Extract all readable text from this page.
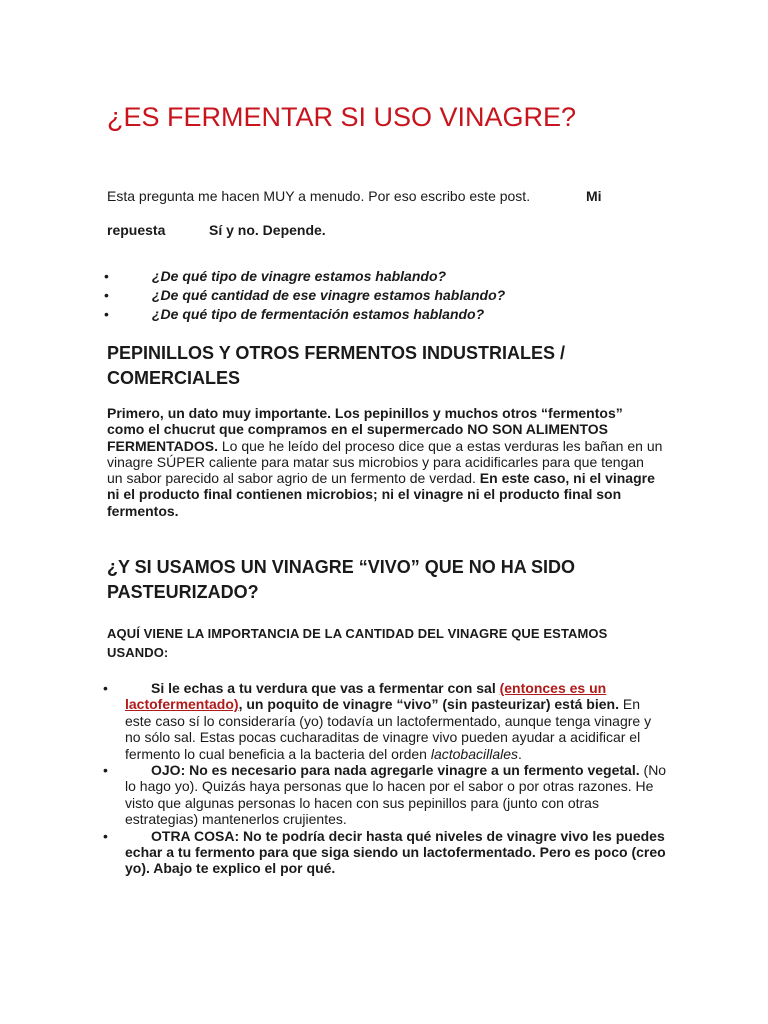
¿ES FERMENTAR SI USO VINAGRE?
Esta pregunta me hacen MUY a menudo. Por eso escribo este post.	Mi
repuesta	Sí y no. Depende.
•	¿De qué tipo de vinagre estamos hablando?
•	¿De qué cantidad de ese vinagre estamos hablando?
•	¿De qué tipo de fermentación estamos hablando?
PEPINILLOS Y OTROS FERMENTOS INDUSTRIALES / COMERCIALES
Primero, un dato muy importante. Los pepinillos y muchos otros “fermentos” como el chucrut que compramos en el supermercado NO SON ALIMENTOS FERMENTADOS. Lo que he leído del proceso dice que a estas verduras les bañan en un vinagre SÚPER caliente para matar sus microbios y para acidificarles para que tengan un sabor parecido al sabor agrio de un fermento de verdad. En este caso, ni el vinagre ni el producto final contienen microbios; ni el vinagre ni el producto final son fermentos.
¿Y SI USAMOS UN VINAGRE “VIVO” QUE NO HA SIDO PASTEURIZADO?
AQUÍ VIENE LA IMPORTANCIA DE LA CANTIDAD DEL VINAGRE QUE ESTAMOS USANDO:
•	Si le echas a tu verdura que vas a fermentar con sal (entonces es un lactofermentado), un poquito de vinagre “vivo” (sin pasteurizar) está bien. En este caso sí lo consideraría (yo) todavía un lactofermentado, aunque tenga vinagre y no sólo sal. Estas pocas cucharaditas de vinagre vivo pueden ayudar a acidificar el fermento lo cual beneficia a la bacteria del orden lactobacillales.
•	OJO: No es necesario para nada agregarle vinagre a un fermento vegetal. (No lo hago yo). Quizás haya personas que lo hacen por el sabor o por otras razones. He visto que algunas personas lo hacen con sus pepinillos para (junto con otras estrategias) mantenerlos crujientes.
•	OTRA COSA: No te podría decir hasta qué niveles de vinagre vivo les puedes echar a tu fermento para que siga siendo un lactofermentado. Pero es poco (creo yo). Abajo te explico el por qué.
